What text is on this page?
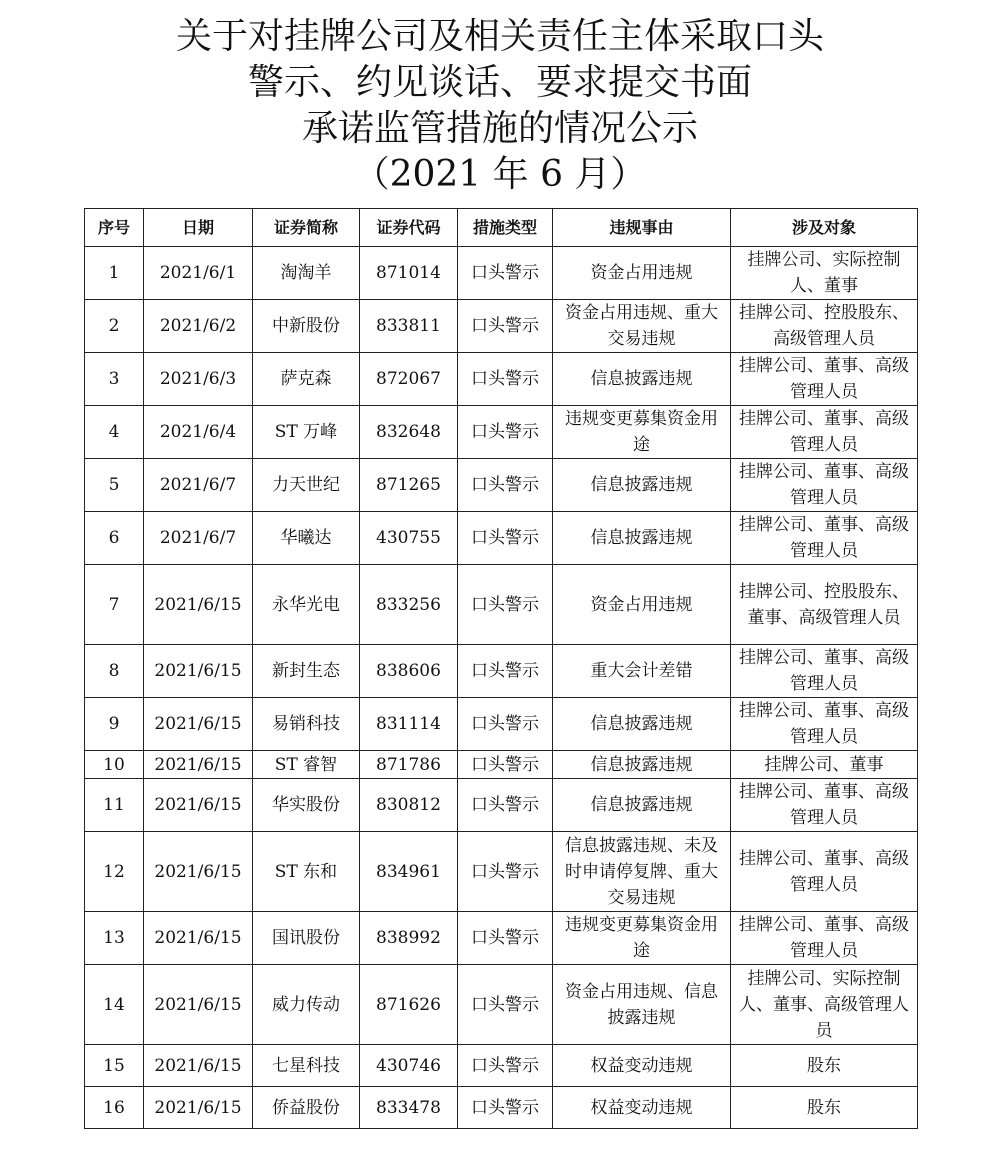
关于对挂牌公司及相关责任主体采取口头
警示、约见谈话、要求提交书面
承诺监管措施的情况公示
（2021 年 6 月）
序号	日期	证券简称	证券代码	措施类型	违规事由	涉及对象
1	2021/6/1	淘淘羊	871014	口头警示	资金占用违规	挂牌公司、实际控制人、董事
2	2021/6/2	中新股份	833811	口头警示	资金占用违规、重大交易违规	挂牌公司、控股股东、高级管理人员
3	2021/6/3	萨克森	872067	口头警示	信息披露违规	挂牌公司、董事、高级管理人员
4	2021/6/4	ST 万峰	832648	口头警示	违规变更募集资金用途	挂牌公司、董事、高级管理人员
5	2021/6/7	力天世纪	871265	口头警示	信息披露违规	挂牌公司、董事、高级管理人员
6	2021/6/7	华曦达	430755	口头警示	信息披露违规	挂牌公司、董事、高级管理人员
7	2021/6/15	永华光电	833256	口头警示	资金占用违规	挂牌公司、控股股东、董事、高级管理人员
8	2021/6/15	新封生态	838606	口头警示	重大会计差错	挂牌公司、董事、高级管理人员
9	2021/6/15	易销科技	831114	口头警示	信息披露违规	挂牌公司、董事、高级管理人员
10	2021/6/15	ST 睿智	871786	口头警示	信息披露违规	挂牌公司、董事
11	2021/6/15	华实股份	830812	口头警示	信息披露违规	挂牌公司、董事、高级管理人员
12	2021/6/15	ST 东和	834961	口头警示	信息披露违规、未及时申请停复牌、重大交易违规	挂牌公司、董事、高级管理人员
13	2021/6/15	国讯股份	838992	口头警示	违规变更募集资金用途	挂牌公司、董事、高级管理人员
14	2021/6/15	威力传动	871626	口头警示	资金占用违规、信息披露违规	挂牌公司、实际控制人、董事、高级管理人员
15	2021/6/15	七星科技	430746	口头警示	权益变动违规	股东
16	2021/6/15	侨益股份	833478	口头警示	权益变动违规	股东
